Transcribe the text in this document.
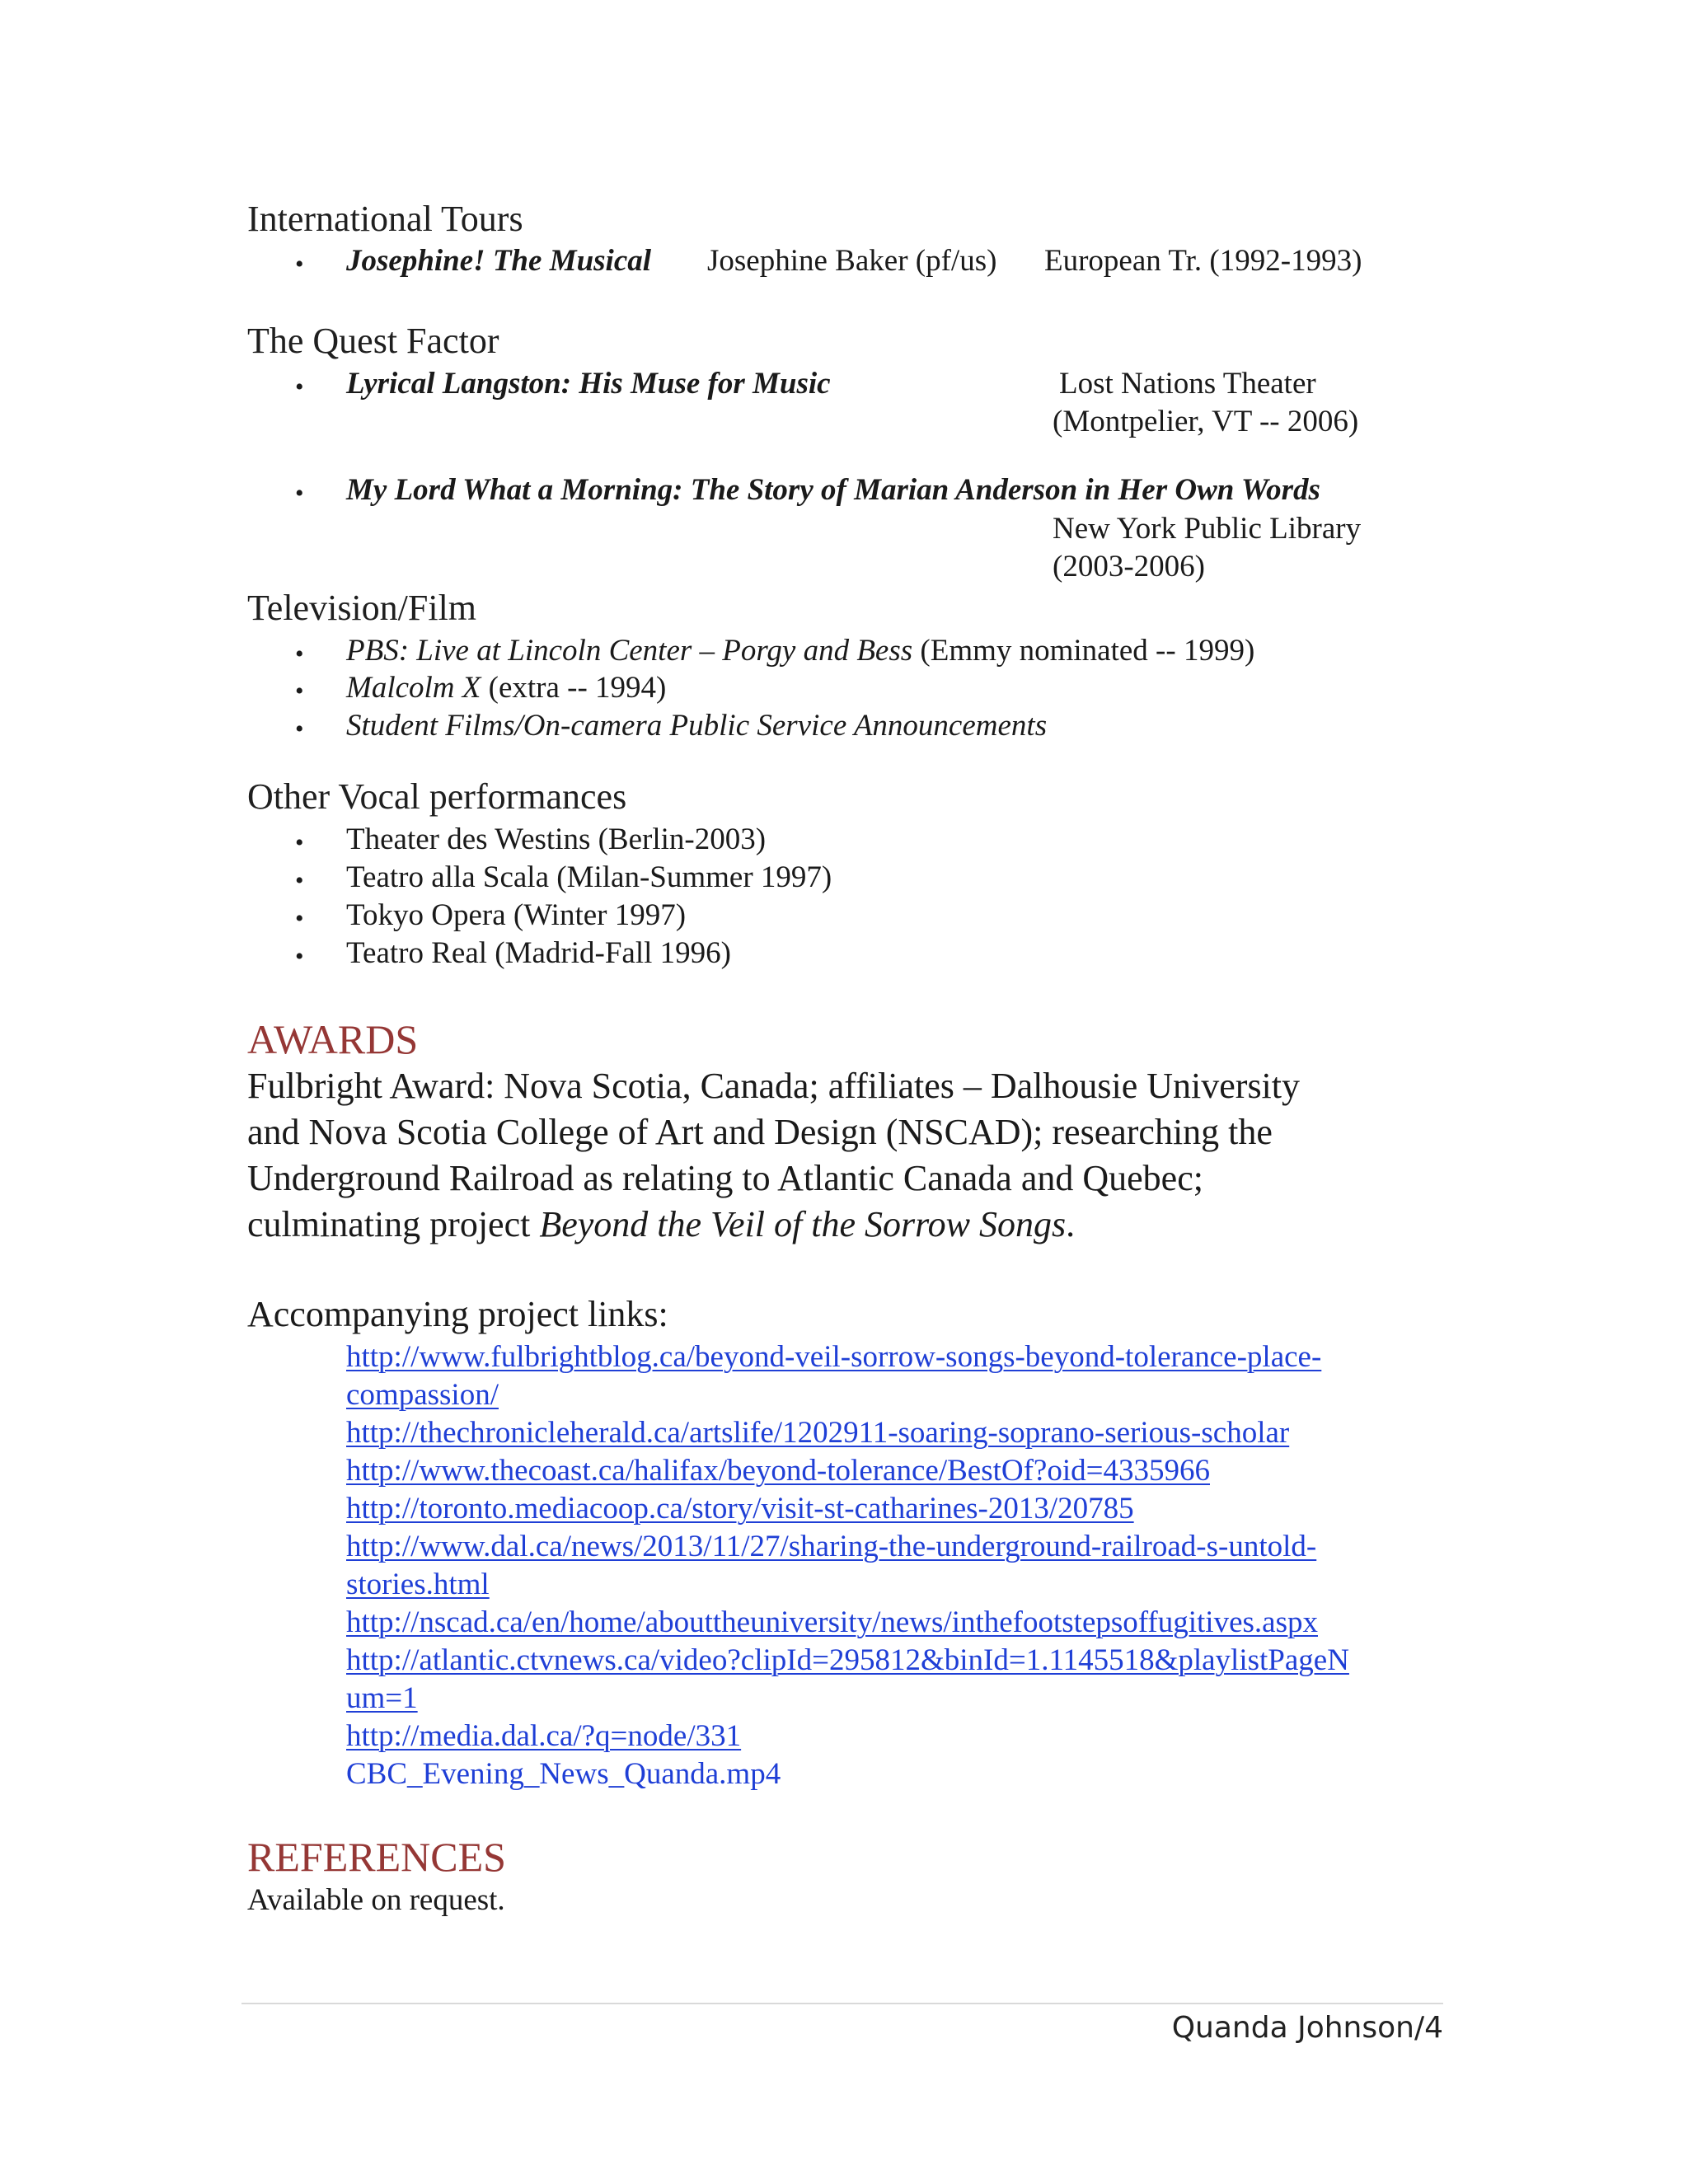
International Tours
• Josephine! The Musical Josephine Baker (pf/us) European Tr. (1992-1993)
The Quest Factor
• Lyrical Langston: His Muse for Music	Lost Nations Theater
(Montpelier, VT -- 2006)
• My Lord What a Morning: The Story of Marian Anderson in Her Own Words
New York Public Library
(2003-2006)
Television/Film
• PBS: Live at Lincoln Center – Porgy and Bess (Emmy nominated -- 1999)
• Malcolm X (extra -- 1994)
• Student Films/On-camera Public Service Announcements
Other Vocal performances
• Theater des Westins (Berlin-2003)
• Teatro alla Scala (Milan-Summer 1997)
• Tokyo Opera (Winter 1997)
• Teatro Real (Madrid-Fall 1996)
AWARDS
Fulbright Award: Nova Scotia, Canada; affiliates – Dalhousie University
and Nova Scotia College of Art and Design (NSCAD); researching the
Underground Railroad as relating to Atlantic Canada and Quebec;
culminating project Beyond the Veil of the Sorrow Songs.
Accompanying project links:
http://www.fulbrightblog.ca/beyond-veil-sorrow-songs-beyond-tolerance-place-
compassion/
http://thechronicleherald.ca/artslife/1202911-soaring-soprano-serious-scholar
http://www.thecoast.ca/halifax/beyond-tolerance/BestOf?oid=4335966
http://toronto.mediacoop.ca/story/visit-st-catharines-2013/20785
http://www.dal.ca/news/2013/11/27/sharing-the-underground-railroad-s-untold-
stories.html
http://nscad.ca/en/home/abouttheuniversity/news/inthefootstepsoffugitives.aspx
http://atlantic.ctvnews.ca/video?clipId=295812&binId=1.1145518&playlistPageN
um=1
http://media.dal.ca/?q=node/331
CBC_Evening_News_Quanda.mp4
REFERENCES
Available on request.
Quanda Johnson/4
